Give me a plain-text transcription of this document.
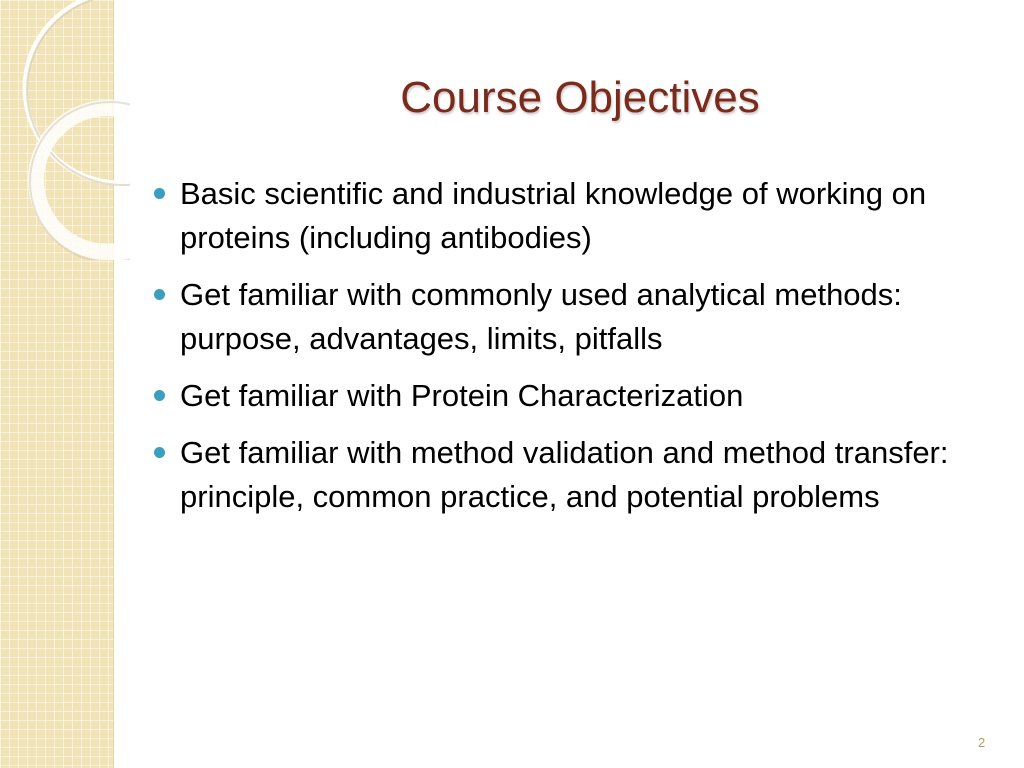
Course Objectives
Basic scientific and industrial knowledge of working on proteins (including antibodies)
Get familiar with commonly used analytical methods: purpose, advantages, limits, pitfalls
Get familiar with Protein Characterization
Get familiar with method validation and method transfer: principle, common practice, and potential problems
2
